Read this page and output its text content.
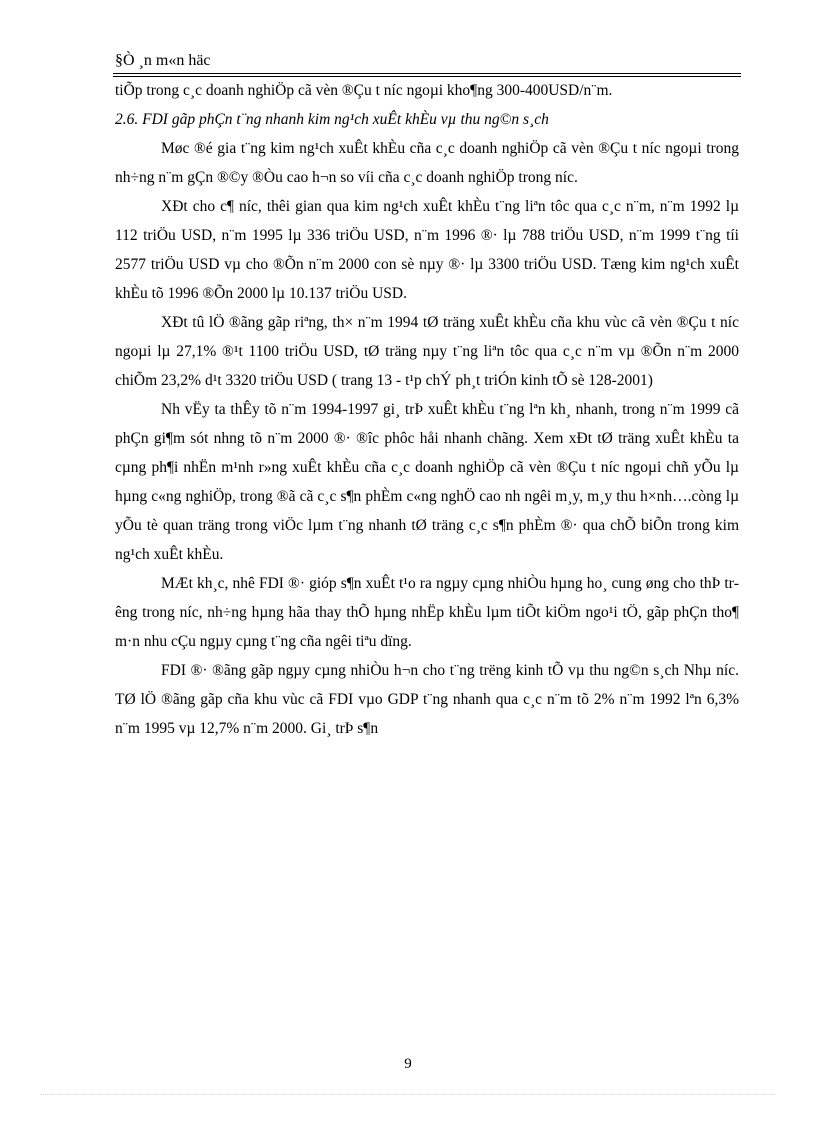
§Ò ¸n m«n häc

tiÕp trong c¸c doanh nghiÖp cã vèn ®Çu t níc ngoµi kho¶ng 300-400USD/n¨m.

2.6. FDI gãp phÇn t¨ng nhanh kim ng¹ch xuÊt khÈu vµ thu ng©n s¸ch

Møc ®é gia t¨ng kim ng¹ch xuÊt khÈu cña c¸c doanh nghiÖp cã vèn ®Çu t níc ngoµi trong nh÷ng n¨m gÇn ®©y ®Òu cao h¬n so víi cña c¸c doanh nghiÖp trong níc.

XÐt cho c¶ níc, thêi gian qua kim ng¹ch xuÊt khÈu t¨ng liªn tôc qua c¸c n¨m, n¨m 1992 lµ 112 triÖu USD, n¨m 1995 lµ 336 triÖu USD, n¨m 1996 ®· lµ 788 triÖu USD, n¨m 1999 t¨ng tíi 2577 triÖu USD vµ cho ®Õn n¨m 2000 con sè nµy ®· lµ 3300 triÖu USD. Tæng kim ng¹ch xuÊt khÈu tõ 1996 ®Õn 2000 lµ 10.137 triÖu USD.

XÐt tû lÖ ®ãng gãp riªng, th× n¨m 1994 tØ träng xuÊt khÈu cña khu vùc cã vèn ®Çu t níc ngoµi lµ 27,1% ®¹t 1100 triÖu USD, tØ träng nµy t¨ng liªn tôc qua c¸c n¨m vµ ®Õn n¨m 2000 chiÕm 23,2% d¹t 3320 triÖu USD ( trang 13 - t¹p chÝ ph¸t triÓn kinh tÕ sè 128-2001)

Nh vËy ta thÊy tõ n¨m 1994-1997 gi¸ trÞ xuÊt khÈu t¨ng lªn kh¸ nhanh, trong n¨m 1999 cã phÇn gi¶m sót nhng tõ n¨m 2000 ®· ®îc phôc håi nhanh chãng. Xem xÐt tØ träng xuÊt khÈu ta cµng ph¶i nhËn m¹nh r»ng xuÊt khÈu cña c¸c doanh nghiÖp cã vèn ®Çu t níc ngoµi chñ yÕu lµ hµng c«ng nghiÖp, trong ®ã cã c¸c s¶n phÈm c«ng nghÖ cao nh ngêi m¸y, m¸y thu h×nh….còng lµ yÕu tè quan träng trong viÖc lµm t¨ng nhanh tØ träng c¸c s¶n phÈm ®· qua chÕ biÕn trong kim ng¹ch xuÊt khÈu.

MÆt kh¸c, nhê FDI ®· gióp s¶n xuÊt t¹o ra ngµy cµng nhiÒu hµng ho¸ cung øng cho thÞ trêng trong níc, nh÷ng hµng hãa thay thÕ hµng nhËp khÈu lµm tiÕt kiÖm ngo¹i tÖ, gãp phÇn tho¶ m·n nhu cÇu ngµy cµng t¨ng cña ngêi tiªu dïng.

FDI ®· ®ãng gãp ngµy cµng nhiÒu h¬n cho t¨ng trëng kinh tÕ vµ thu ng©n s¸ch Nhµ níc. TØ lÖ ®ãng gãp cña khu vùc cã FDI vµo GDP t¨ng nhanh qua c¸c n¨m tõ 2% n¨m 1992 lªn 6,3% n¨m 1995 vµ 12,7% n¨m 2000. Gi¸ trÞ s¶n

9
